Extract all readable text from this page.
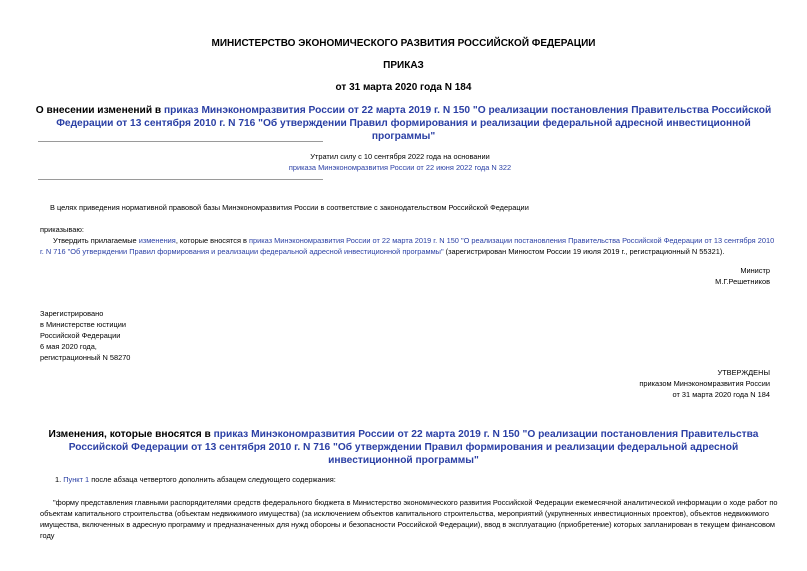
МИНИСТЕРСТВО ЭКОНОМИЧЕСКОГО РАЗВИТИЯ РОССИЙСКОЙ ФЕДЕРАЦИИ
ПРИКАЗ
от 31 марта 2020 года N 184
О внесении изменений в приказ Минэкономразвития России от 22 марта 2019 г. N 150 "О реализации постановления Правительства Российской Федерации от 13 сентября 2010 г. N 716 "Об утверждении Правил формирования и реализации федеральной адресной инвестиционной программы"
Утратил силу с 10 сентября 2022 года на основании
приказа Минэкономразвития России от 22 июня 2022 года N 322
В целях приведения нормативной правовой базы Минэкономразвития России в соответствие с законодательством Российской Федерации
приказываю:
Утвердить прилагаемые изменения, которые вносятся в приказ Минэкономразвития России от 22 марта 2019 г. N 150 "О реализации постановления Правительства Российской Федерации от 13 сентября 2010 г. N 716 "Об утверждении Правил формирования и реализации федеральной адресной инвестиционной программы" (зарегистрирован Минюстом России 19 июля 2019 г., регистрационный N 55321).
Министр
М.Г.Решетников
Зарегистрировано
в Министерстве юстиции
Российской Федерации
6 мая 2020 года,
регистрационный N 58270
УТВЕРЖДЕНЫ
приказом Минэкономразвития России
от 31 марта 2020 года N 184
Изменения, которые вносятся в приказ Минэкономразвития России от 22 марта 2019 г. N 150 "О реализации постановления Правительства Российской Федерации от 13 сентября 2010 г. N 716 "Об утверждении Правил формирования и реализации федеральной адресной инвестиционной программы"
1. Пункт 1 после абзаца четвертого дополнить абзацем следующего содержания:
"форму представления главными распорядителями средств федерального бюджета в Министерство экономического развития Российской Федерации ежемесячной аналитической информации о ходе работ по объектам капитального строительства (объектам недвижимого имущества) (за исключением объектов капитального строительства, мероприятий (укрупненных инвестиционных проектов), объектов недвижимого имущества, включенных в адресную программу и предназначенных для нужд обороны и безопасности Российской Федерации), ввод в эксплуатацию (приобретение) которых запланирован в текущем финансовом году
